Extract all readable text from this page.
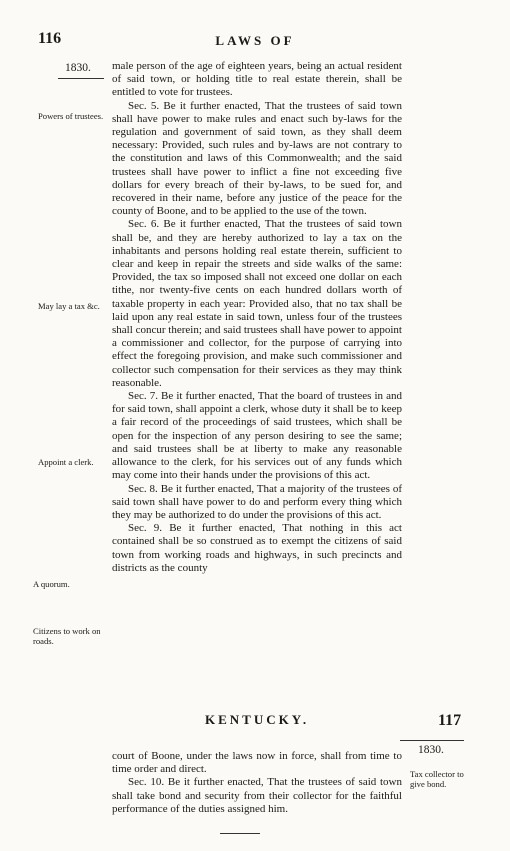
116	LAWS OF
1830.
Powers of trustees.
May lay a tax &c.
Appoint a clerk.
A quorum.
Citizens to work on roads.

male person of the age of eighteen years, being an actual resident of said town, or holding title to real estate therein, shall be entitled to vote for trustees.

Sec. 5. Be it further enacted, That the trustees of said town shall have power to make rules and enact such by-laws for the regulation and government of said town, as they shall deem necessary: Provided, such rules and by-laws are not contrary to the constitution and laws of this Commonwealth; and the said trustees shall have power to inflict a fine not exceeding five dollars for every breach of their by-laws, to be sued for, and recovered in their name, before any justice of the peace for the county of Boone, and to be applied to the use of the town.

Sec. 6. Be it further enacted, That the trustees of said town shall be, and they are hereby authorized to lay a tax on the inhabitants and persons holding real estate therein, sufficient to clear and keep in repair the streets and side walks of the same: Provided, the tax so imposed shall not exceed one dollar on each tithe, nor twenty-five cents on each hundred dollars worth of taxable property in each year: Provided also, that no tax shall be laid upon any real estate in said town, unless four of the trustees shall concur therein; and said trustees shall have power to appoint a commissioner and collector, for the purpose of carrying into effect the foregoing provision, and make such commissioner and collector such compensation for their services as they may think reasonable.

Sec. 7. Be it further enacted, That the board of trustees in and for said town, shall appoint a clerk, whose duty it shall be to keep a fair record of the proceedings of said trustees, which shall be open for the inspection of any person desiring to see the same; and said trustees shall be at liberty to make any reasonable allowance to the clerk, for his services out of any funds which may come into their hands under the provisions of this act.

Sec. 8. Be it further enacted, That a majority of the trustees of said town shall have power to do and perform every thing which they may be authorized to do under the provisions of this act.

Sec. 9. Be it further enacted, That nothing in this act contained shall be so construed as to exempt the citizens of said town from working roads and highways, in such precincts and districts as the county

KENTUCKY.	117
1830.

court of Boone, under the laws now in force, shall from time to time order and direct.

Sec. 10. Be it further enacted, That the trustees of said town shall take bond and security from their collector for the faithful performance of the duties assigned him.

Tax collector to give bond.
